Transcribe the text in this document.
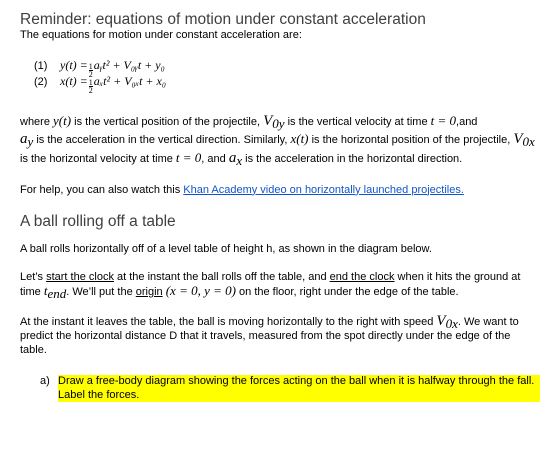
Reminder: equations of motion under constant acceleration

The equations for motion under constant acceleration are:

(1)	$y(t) = \frac{1}{2}$ aᵧt² + V₀ᵧt + y₀
(2)	$x(t) = \frac{1}{2} a_xt^2 + V_{0x}t + x_0$

where y(t) is the vertical position of the projectile, $V_{0y}$ is the vertical velocity at time t = 0,and
$a_y$ is the acceleration in the vertical direction. Similarly, x(t) is the horizontal position of the projectile, $V_{0x}$ is the horizontal velocity at time t = 0, and $a_x$ is the acceleration in the horizontal direction.

For help, you can also watch this Khan Academy video on horizontally launched projectiles.

A ball rolling off a table

A ball rolls horizontally off of a level table of height h, as shown in the diagram below.

Let’s start the clock at the instant the ball rolls off the table, and end the clock when it hits the ground at time $t_{end}$. We’ll put the origin (x = 0, y = 0) on the floor, right under the edge of the table.

At the instant it leaves the table, the ball is moving horizontally to the right with speed $V_{0x}$. We want to predict the horizontal distance D that it travels, measured from the spot directly under the edge of the table.

a) Draw a free-body diagram showing the forces acting on the ball when it is halfway through the fall. Label the forces.
